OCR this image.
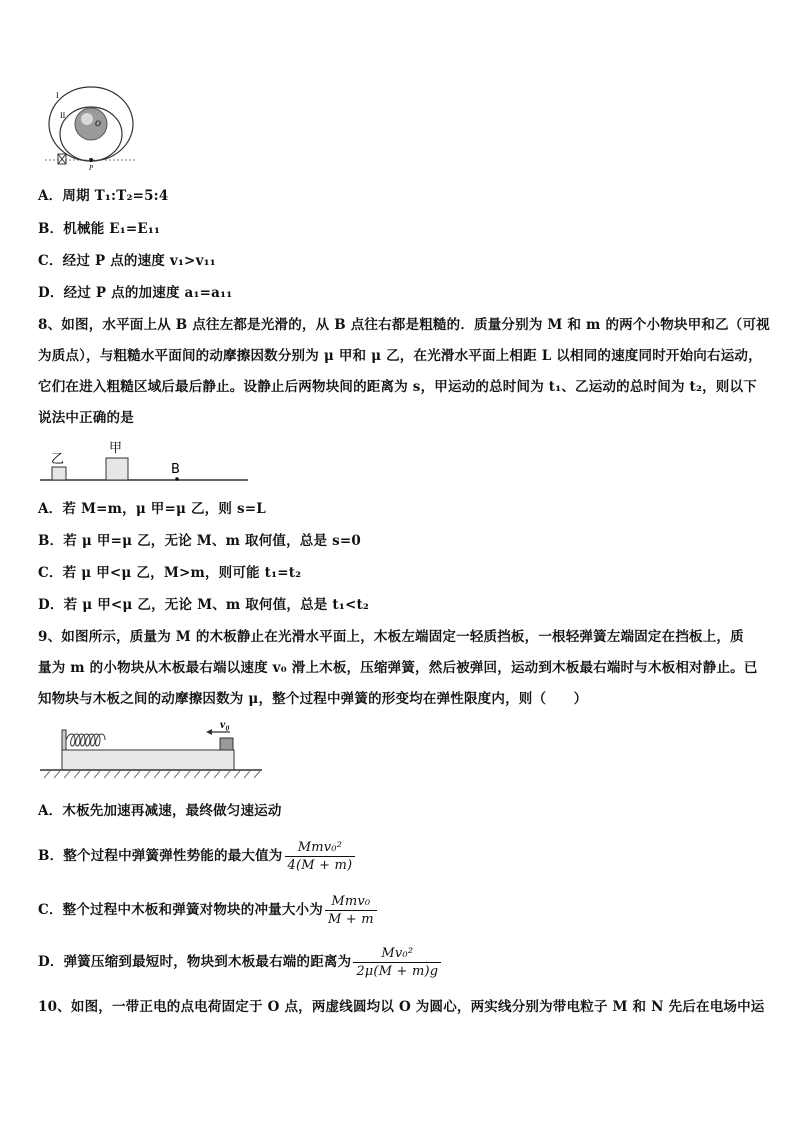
I
II
O
P
A．周期 T₁:T₂=5:4
B．机械能 E₁=E₁₁
C．经过 P 点的速度 v₁>v₁₁
D．经过 P 点的加速度 a₁=a₁₁
8、如图，水平面上从 B 点往左都是光滑的，从 B 点往右都是粗糙的．质量分别为 M 和 m 的两个小物块甲和乙（可视
为质点），与粗糙水平面间的动摩擦因数分别为 μ 甲和 μ 乙，在光滑水平面上相距 L 以相同的速度同时开始向右运动，
它们在进入粗糙区域后最后静止。设静止后两物块间的距离为 s，甲运动的总时间为 t₁、乙运动的总时间为 t₂，则以下
说法中正确的是
乙
甲
B
A．若 M=m，μ 甲=μ 乙，则 s=L
B．若 μ 甲=μ 乙，无论 M、m 取何值，总是 s=0
C．若 μ 甲<μ 乙，M>m，则可能 t₁=t₂
D．若 μ 甲<μ 乙，无论 M、m 取何值，总是 t₁<t₂
9、如图所示，质量为 M 的木板静止在光滑水平面上，木板左端固定一轻质挡板，一根轻弹簧左端固定在挡板上，质
量为 m 的小物块从木板最右端以速度 v₀ 滑上木板，压缩弹簧，然后被弹回，运动到木板最右端时与木板相对静止。已
知物块与木板之间的动摩擦因数为 μ，整个过程中弹簧的形变均在弹性限度内，则（　　）
v₀
A．木板先加速再减速，最终做匀速运动
B．整个过程中弹簧弹性势能的最大值为 $\frac{\text{Mmv₀²}}{4(M + m)}$
C．整个过程中木板和弹簧对物块的冲量大小为 $\frac{\text{Mmv₀}}{M + m}$
D．弹簧压缩到最短时，物块到木板最右端的距离为 $\frac{\text{Mv₀²}}{2\mu(M + m)g}$
10、如图，一带正电的点电荷固定于 O 点，两虚线圆均以 O 为圆心，两实线分别为带电粒子 M 和 N 先后在电场中运
